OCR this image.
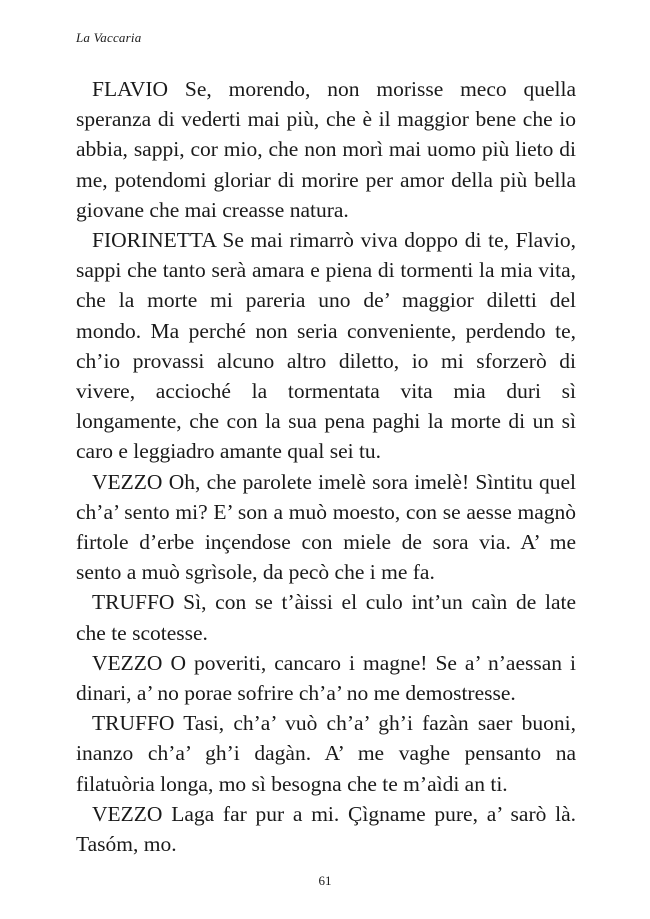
La Vaccaria

FLAVIO Se, morendo, non morisse meco quella speranza di vederti mai più, che è il maggior bene che io abbia, sappi, cor mio, che non morì mai uomo più lieto di me, potendomi gloriar di morire per amor della più bella giovane che mai creasse natura.

FIORINETTA Se mai rimarrò viva doppo di te, Flavio, sappi che tanto serà amara e piena di tormenti la mia vita, che la morte mi pareria uno de’ maggior diletti del mondo. Ma perché non seria conveniente, perdendo te, ch’io provassi alcuno altro diletto, io mi sforzerò di vivere, accioché la tormentata vita mia duri sì longamente, che con la sua pena paghi la morte di un sì caro e leggiadro amante qual sei tu.

VEZZO Oh, che parolete imelè sora imelè! Sìntitu quel ch’a’ sento mi? E’ son a muò moesto, con se aesse magnò firtole d’erbe inçendose con miele de sora via. A’ me sento a muò sgrìsole, da pecò che i me fa.

TRUFFO Sì, con se t’àissi el culo int’un caìn de late che te scotesse.

VEZZO O poveriti, cancaro i magne! Se a’ n’aessan i dinari, a’ no porae sofrire ch’a’ no me demostresse.

TRUFFO Tasi, ch’a’ vuò ch’a’ gh’i fazàn saer buoni, inanzo ch’a’ gh’i dagàn. A’ me vaghe pensanto na filatuòria longa, mo sì besogna che te m’aìdi an ti.

VEZZO Laga far pur a mi. Çìgname pure, a’ sarò là. Tasóm, mo.

61
